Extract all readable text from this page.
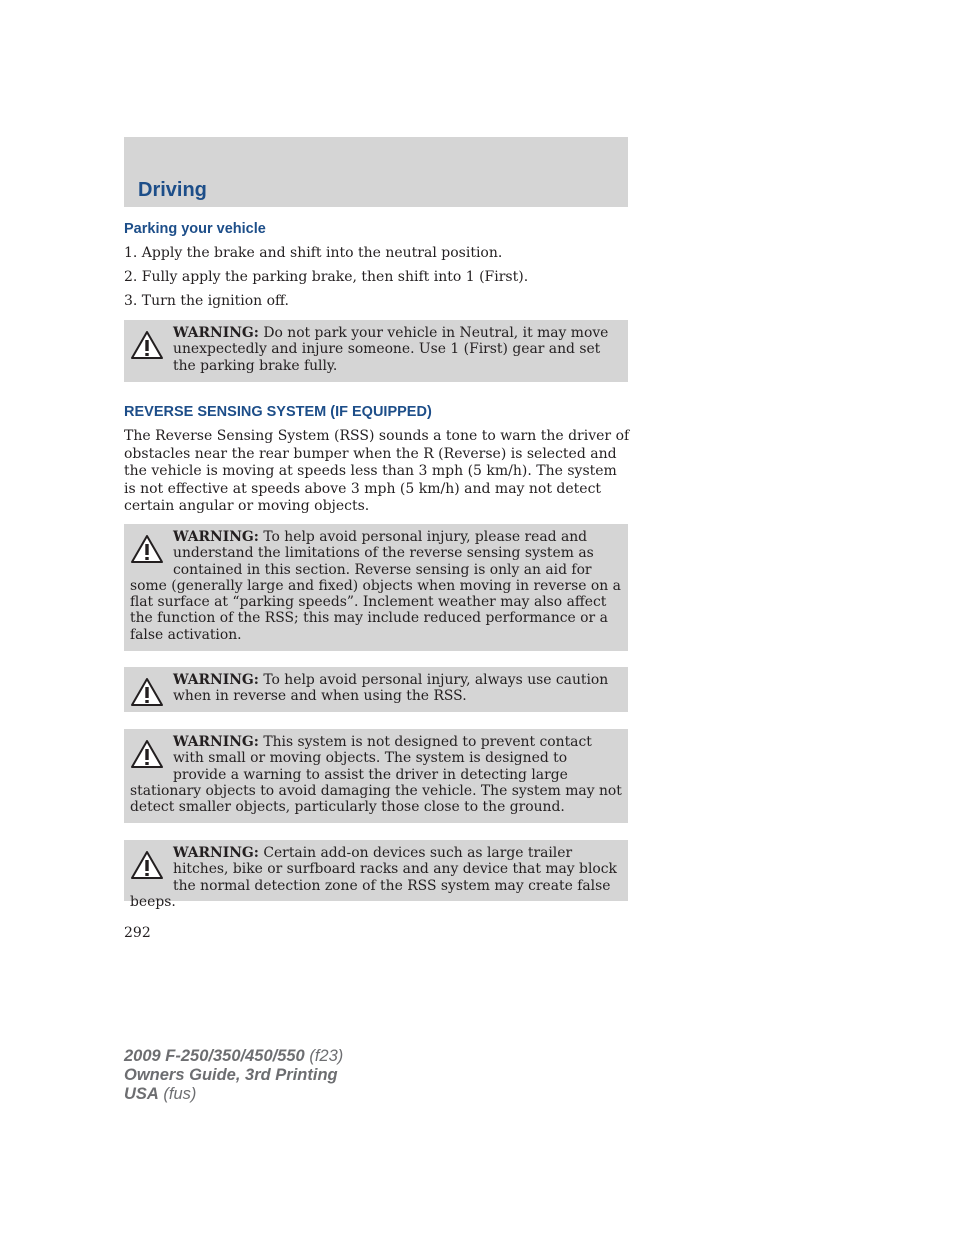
Driving
Parking your vehicle

1. Apply the brake and shift into the neutral position.

2. Fully apply the parking brake, then shift into 1 (First).

3. Turn the ignition off.

WARNING: Do not park your vehicle in Neutral, it may move unexpectedly and injure someone. Use 1 (First) gear and set the parking brake fully.
REVERSE SENSING SYSTEM (IF EQUIPPED)

The Reverse Sensing System (RSS) sounds a tone to warn the driver of obstacles near the rear bumper when the R (Reverse) is selected and the vehicle is moving at speeds less than 3 mph (5 km/h). The system is not effective at speeds above 3 mph (5 km/h) and may not detect certain angular or moving objects.

WARNING: To help avoid personal injury, please read and understand the limitations of the reverse sensing system as contained in this section. Reverse sensing is only an aid for some (generally large and fixed) objects when moving in reverse on a flat surface at “parking speeds”. Inclement weather may also affect the function of the RSS; this may include reduced performance or a false activation.
WARNING: To help avoid personal injury, always use caution when in reverse and when using the RSS.
WARNING: This system is not designed to prevent contact with small or moving objects. The system is designed to provide a warning to assist the driver in detecting large stationary objects to avoid damaging the vehicle. The system may not detect smaller objects, particularly those close to the ground.
WARNING: Certain add-on devices such as large trailer hitches, bike or surfboard racks and any device that may block the normal detection zone of the RSS system may create false beeps.

292

2009 F-250/350/450/550 (f23)
Owners Guide, 3rd Printing
USA (fus)
